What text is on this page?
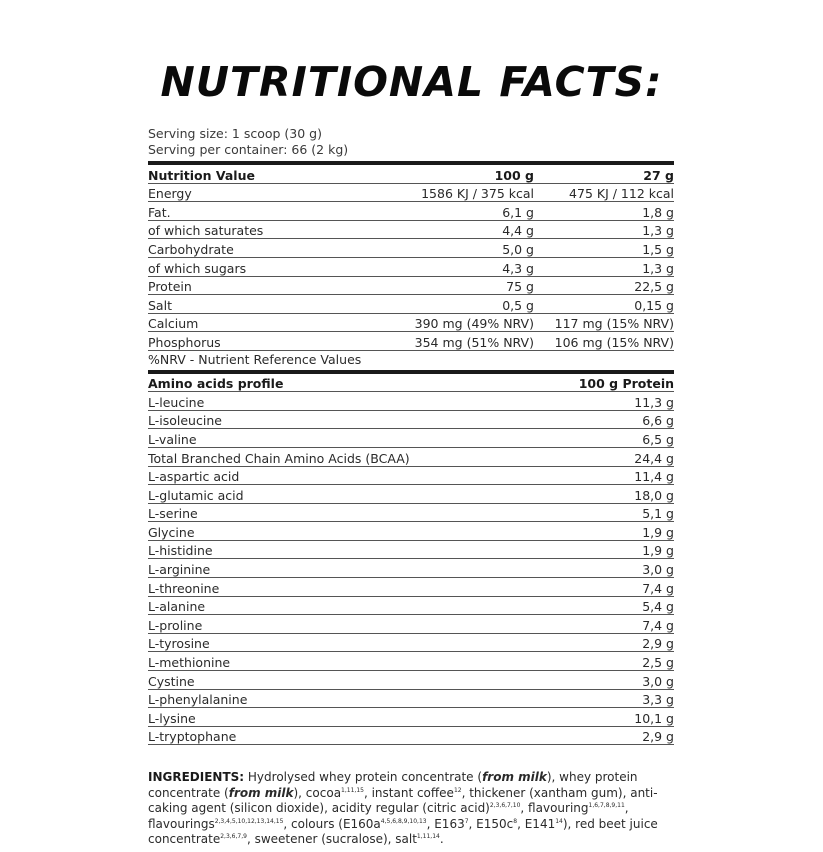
NUTRITIONAL FACTS:
Serving size: 1 scoop (30 g)
Serving per container: 66 (2 kg)
Nutrition Value	100 g	27 g
Energy	1586 KJ / 375 kcal	475 KJ / 112 kcal
Fat.	6,1 g	1,8 g
of which saturates	4,4 g	1,3 g
Carbohydrate	5,0 g	1,5 g
of which sugars	4,3 g	1,3 g
Protein	75 g	22,5 g
Salt	0,5 g	0,15 g
Calcium	390 mg (49% NRV)	117 mg (15% NRV)
Phosphorus	354 mg (51% NRV)	106 mg (15% NRV)
%NRV - Nutrient Reference Values
Amino acids profile	100 g Protein
L-leucine	11,3 g
L-isoleucine	6,6 g
L-valine	6,5 g
Total Branched Chain Amino Acids (BCAA)	24,4 g
L-aspartic acid	11,4 g
L-glutamic acid	18,0 g
L-serine	5,1 g
Glycine	1,9 g
L-histidine	1,9 g
L-arginine	3,0 g
L-threonine	7,4 g
L-alanine	5,4 g
L-proline	7,4 g
L-tyrosine	2,9 g
L-methionine	2,5 g
Cystine	3,0 g
L-phenylalanine	3,3 g
L-lysine	10,1 g
L-tryptophane	2,9 g
INGREDIENTS: Hydrolysed whey protein concentrate (from milk), whey protein concentrate (from milk), cocoa$^{1,11,15}$, instant coffee$^{12}$, thickener (xantham gum), anti-caking agent (silicon dioxide), acidity regular (citric acid)$^{2,3,6,7,10}$, flavouring$^{1,6,7,8,9,11}$, flavourings$^{2,3,4,5,10,12,13,14,15}$, colours ($E160a^{4,5,6,8,9,10,13}$, $E163^7$, $E150c^8$, $E141^{14}$), red beet juice concentrate$^{2,3,6,7,9}$, sweetener (sucralose), salt$^{1,11,14}$.
